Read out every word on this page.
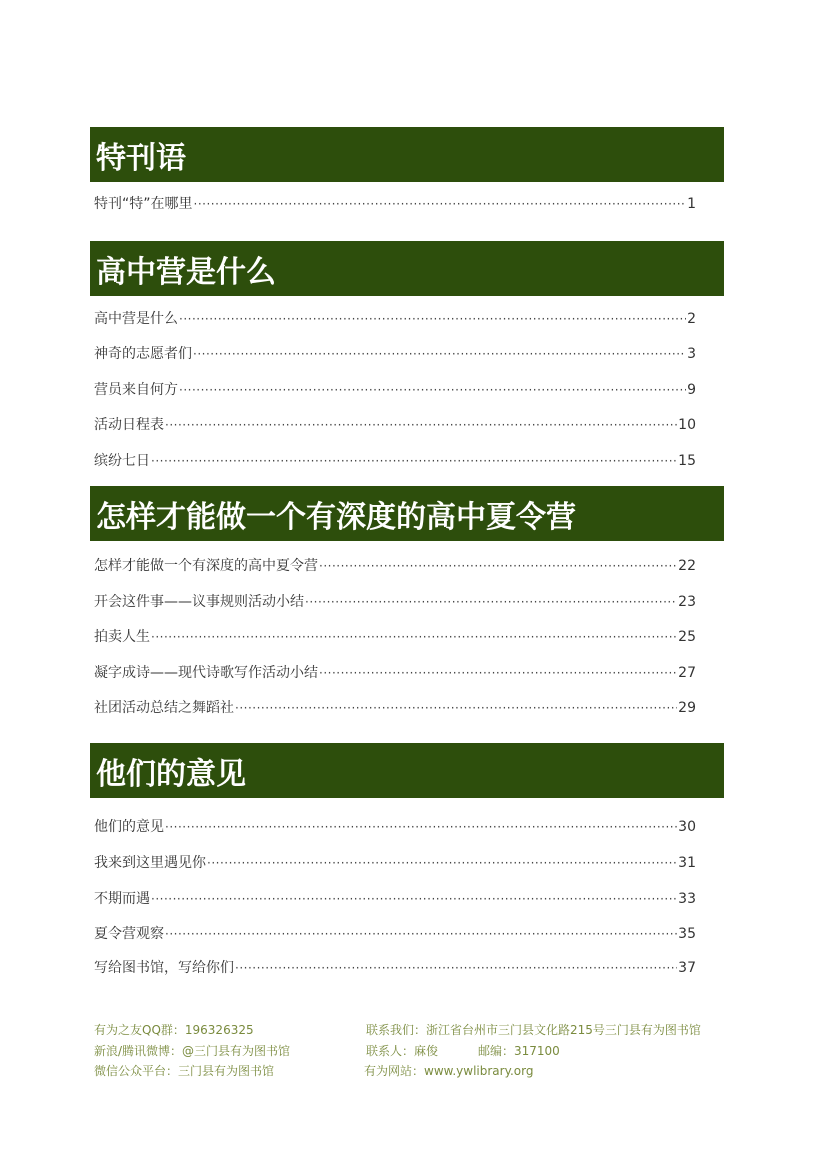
特刊语
特刊“特”在哪里 ·····	1
高中营是什么
高中营是什么 ·····	2
神奇的志愿者们 ·····	3
营员来自何方 ·····	9
活动日程表 ·····	10
缤纷七日 ·····	15
怎样才能做一个有深度的高中夏令营
怎样才能做一个有深度的高中夏令营 ·····	22
开会这件事——议事规则活动小结 ·····	23
拍卖人生 ·····	25
凝字成诗——现代诗歌写作活动小结 ·····	27
社团活动总结之舞蹈社 ·····	29
他们的意见
他们的意见 ·····	30
我来到这里遇见你 ·····	31
不期而遇 ·····	33
夏令营观察 ·····	35
写给图书馆，写给你们 ·····	37
有为之友QQ群：196326325
新浪/腾讯微博：@三门县有为图书馆
微信公众平台：三门县有为图书馆
联系我们：浙江省台州市三门县文化路215号三门县有为图书馆
联系人：麻俊	邮编：317100
有为网站：www.ywlibrary.org
